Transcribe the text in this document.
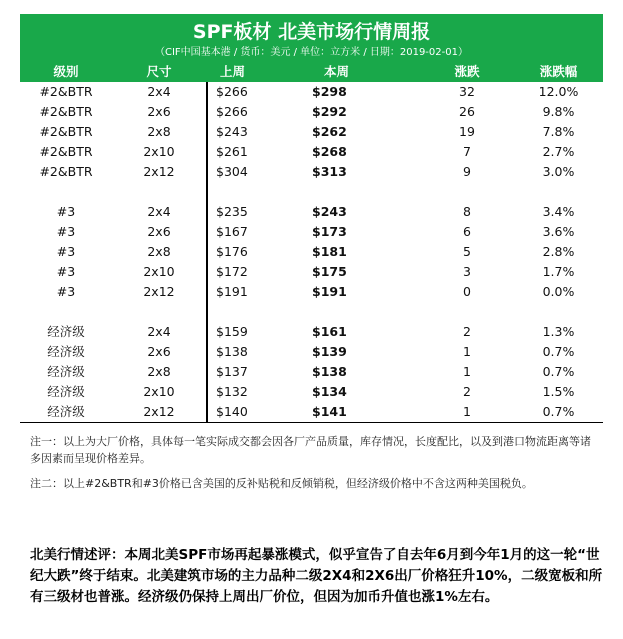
SPF板材 北美市场行情周报
（CIF中国基本港 / 货币：美元 / 单位：立方米 / 日期：2019-02-01）
级别	尺寸	上周	本周	涨跌	涨跌幅
#2&BTR	2x4	$266	$298	32	12.0%
#2&BTR	2x6	$266	$292	26	9.8%
#2&BTR	2x8	$243	$262	19	7.8%
#2&BTR	2x10	$261	$268	7	2.7%
#2&BTR	2x12	$304	$313	9	3.0%
#3	2x4	$235	$243	8	3.4%
#3	2x6	$167	$173	6	3.6%
#3	2x8	$176	$181	5	2.8%
#3	2x10	$172	$175	3	1.7%
#3	2x12	$191	$191	0	0.0%
经济级	2x4	$159	$161	2	1.3%
经济级	2x6	$138	$139	1	0.7%
经济级	2x8	$137	$138	1	0.7%
经济级	2x10	$132	$134	2	1.5%
经济级	2x12	$140	$141	1	0.7%

注一：以上为大厂价格，具体每一笔实际成交都会因各厂产品质量，库存情况，长度配比，以及到港口物流距离等诸多因素而呈现价格差异。

注二：以上#2&BTR和#3价格已含美国的反补贴税和反倾销税，但经济级价格中不含这两种美国税负。

北美行情述评：本周北美SPF市场再起暴涨模式，似乎宣告了自去年6月到今年1月的这一轮“世纪大跌”终于结束。北美建筑市场的主力品种二级2X4和2X6出厂价格狂升10%，二级宽板和所有三级材也普涨。经济级仍保持上周出厂价位，但因为加币升值也涨1%左右。
